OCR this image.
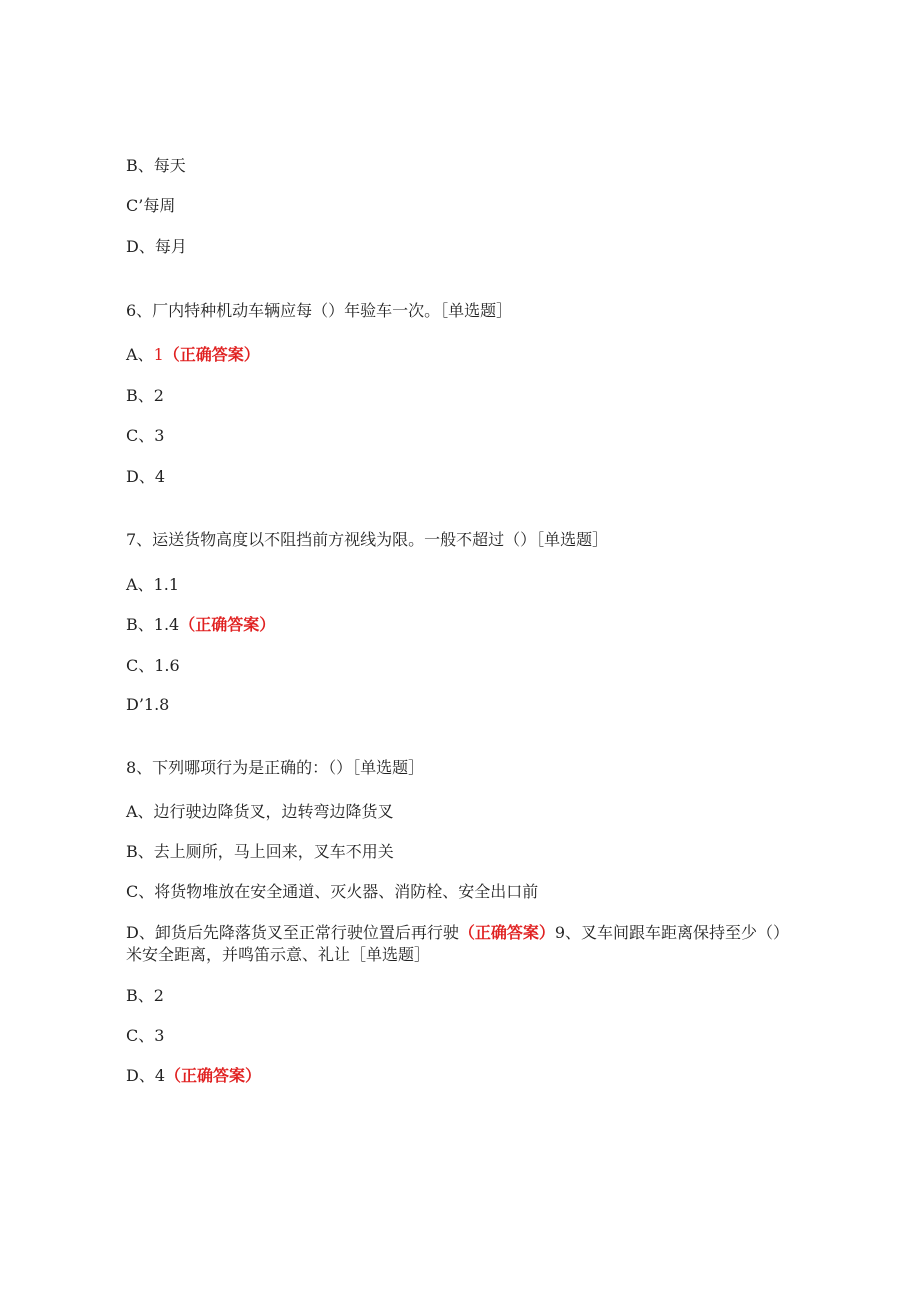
B、每天
C’每周
D、每月
6、厂内特种机动车辆应每（）年验车一次。［单选题］
A、1（正确答案）
B、2
C、3
D、4
7、运送货物高度以不阻挡前方视线为限。一般不超过（）［单选题］
A、1.1
B、1.4（正确答案）
C、1.6
D’1.8
8、下列哪项行为是正确的：（）［单选题］
A、边行驶边降货叉，边转弯边降货叉
B、去上厕所，马上回来，叉车不用关
C、将货物堆放在安全通道、灭火器、消防栓、安全出口前
D、卸货后先降落货叉至正常行驶位置后再行驶（正确答案）9、叉车间跟车距离保持至少（）米安全距离，并鸣笛示意、礼让［单选题］
B、2
C、3
D、4（正确答案）
